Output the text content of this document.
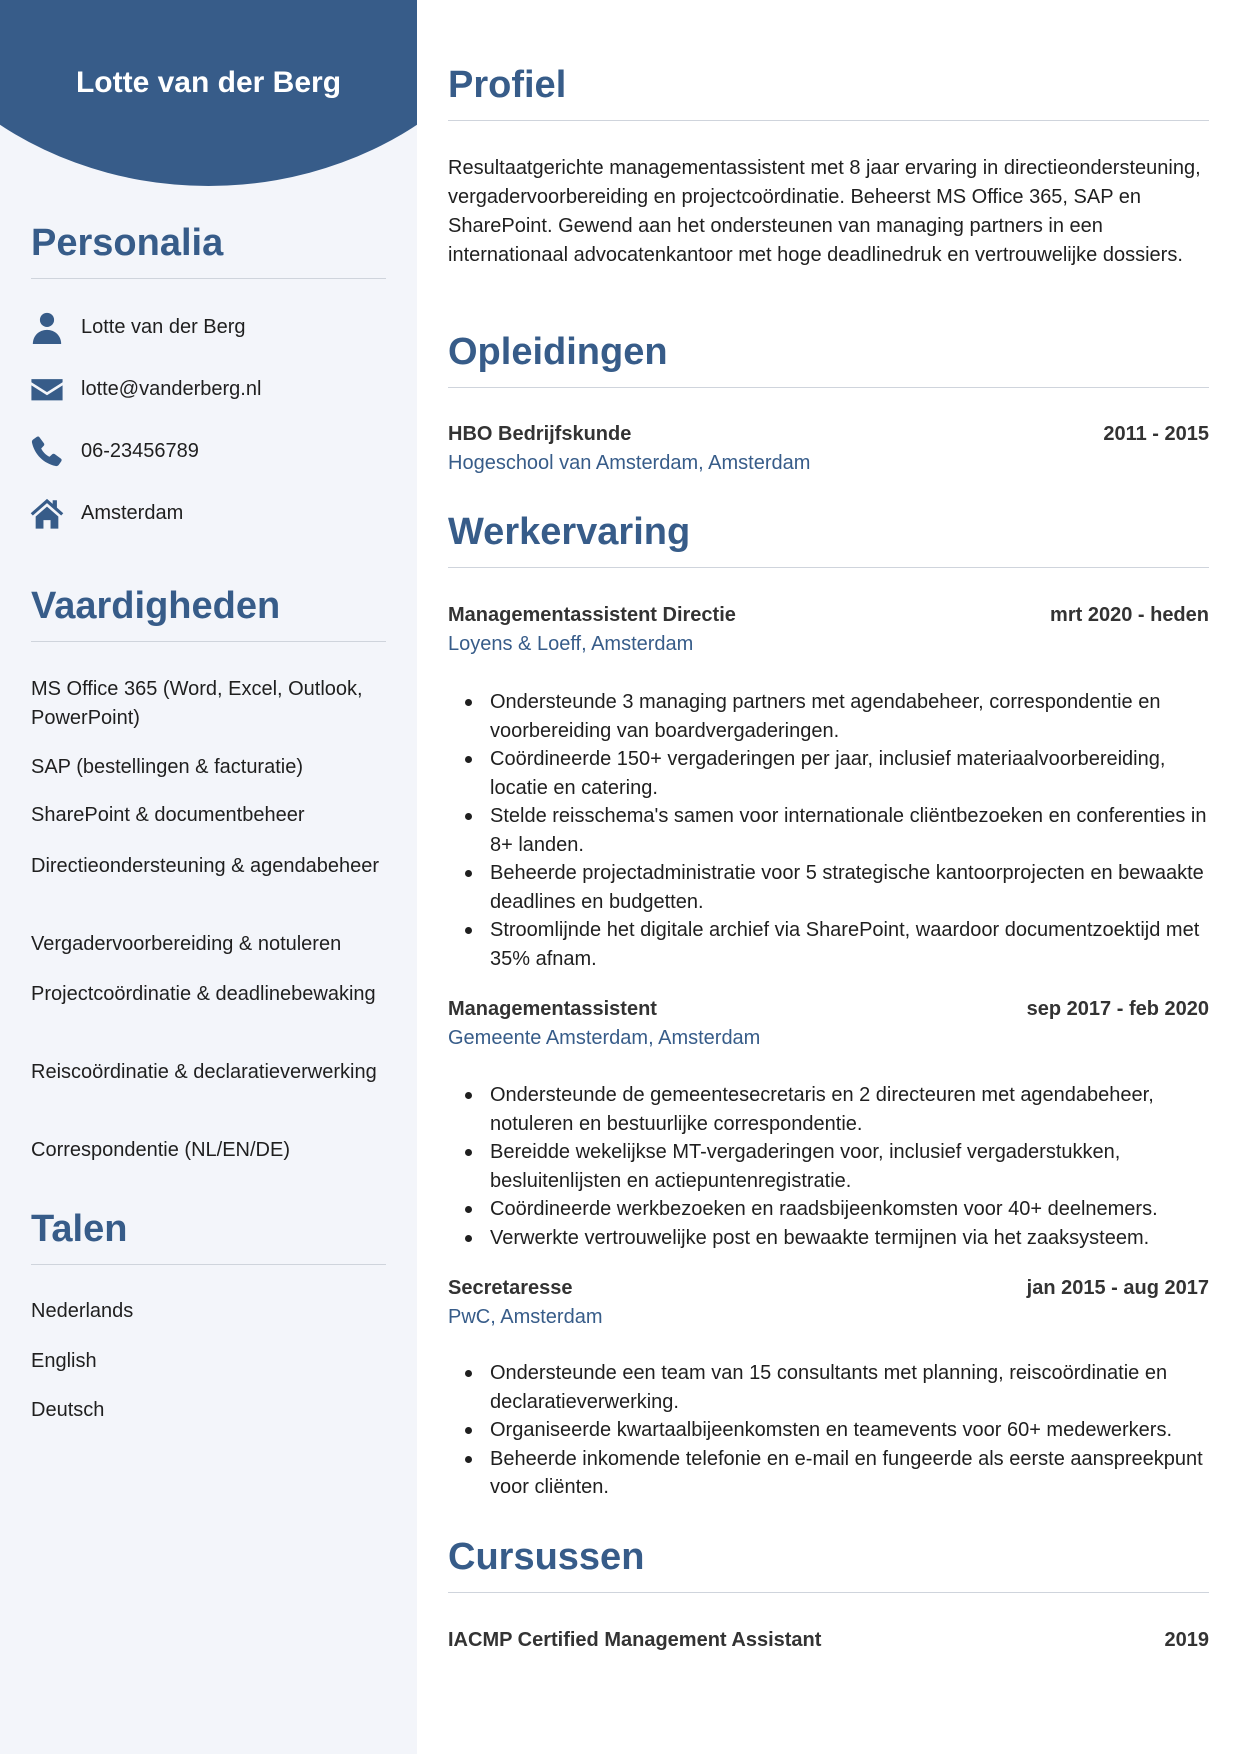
Lotte van der Berg
Personalia
Lotte van der Berg
lotte@vanderberg.nl
06-23456789
Amsterdam
Vaardigheden
MS Office 365 (Word, Excel, Outlook, PowerPoint)
SAP (bestellingen & facturatie)
SharePoint & documentbeheer
Directieondersteuning & agendabeheer
Vergadervoorbereiding & notuleren
Projectcoördinatie & deadlinebewaking
Reiscoördinatie & declaratieverwerking
Correspondentie (NL/EN/DE)
Talen
Nederlands
English
Deutsch
Profiel

Resultaatgerichte managementassistent met 8 jaar ervaring in directieondersteuning, vergadervoorbereiding en projectcoördinatie. Beheerst MS Office 365, SAP en SharePoint. Gewend aan het ondersteunen van managing partners in een internationaal advocatenkantoor met hoge deadlinedruk en vertrouwelijke dossiers.

Opleidingen
HBO Bedrijfskunde	2011 - 2015
Hogeschool van Amsterdam, Amsterdam
Werkervaring
Managementassistent Directie	mrt 2020 - heden
Loyens & Loeff, Amsterdam
Ondersteunde 3 managing partners met agendabeheer, correspondentie en voorbereiding van boardvergaderingen.
Coördineerde 150+ vergaderingen per jaar, inclusief materiaalvoorbereiding, locatie en catering.
Stelde reisschema's samen voor internationale cliëntbezoeken en conferenties in 8+ landen.
Beheerde projectadministratie voor 5 strategische kantoorprojecten en bewaakte deadlines en budgetten.
Stroomlijnde het digitale archief via SharePoint, waardoor documentzoektijd met 35% afnam.
Managementassistent	sep 2017 - feb 2020
Gemeente Amsterdam, Amsterdam
Ondersteunde de gemeentesecretaris en 2 directeuren met agendabeheer, notuleren en bestuurlijke correspondentie.
Bereidde wekelijkse MT-vergaderingen voor, inclusief vergaderstukken, besluitenlijsten en actiepuntenregistratie.
Coördineerde werkbezoeken en raadsbijeenkomsten voor 40+ deelnemers.
Verwerkte vertrouwelijke post en bewaakte termijnen via het zaaksysteem.
Secretaresse	jan 2015 - aug 2017
PwC, Amsterdam
Ondersteunde een team van 15 consultants met planning, reiscoördinatie en declaratieverwerking.
Organiseerde kwartaalbijeenkomsten en teamevents voor 60+ medewerkers.
Beheerde inkomende telefonie en e-mail en fungeerde als eerste aanspreekpunt voor cliënten.
Cursussen
IACMP Certified Management Assistant	2019
